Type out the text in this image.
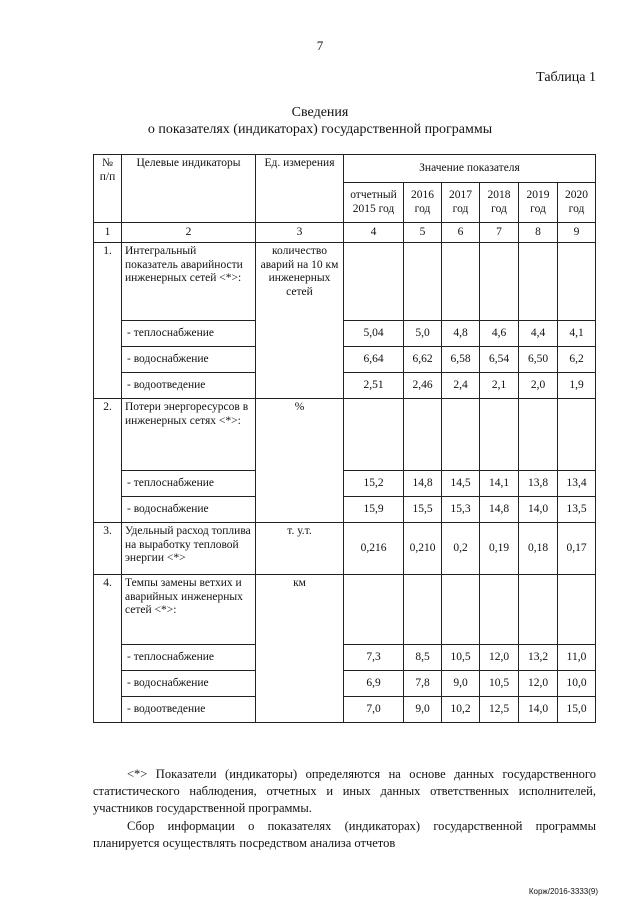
7
Таблица 1
Сведения
о показателях (индикаторах) государственной программы
№ п/п	Целевые индикаторы	Ед. измерения	Значение показателя					
			отчетный 2015 год	2016 год	2017 год	2018 год	2019 год	2020 год
1	2	3	4	5	6	7	8	9
1.	Интегральный показатель аварийности инженерных сетей <*>:	количество аварий на 10 км инженерных сетей						
	- теплоснабжение		5,04	5,0	4,8	4,6	4,4	4,1
	- водоснабжение		6,64	6,62	6,58	6,54	6,50	6,2
	- водоотведение		2,51	2,46	2,4	2,1	2,0	1,9
2.	Потери энергоресурсов в инженерных сетях <*>:	%						
	- теплоснабжение		15,2	14,8	14,5	14,1	13,8	13,4
	- водоснабжение		15,9	15,5	15,3	14,8	14,0	13,5
3.	Удельный расход топлива на выработку тепловой энергии <*>	т. у.т.	0,216	0,210	0,2	0,19	0,18	0,17
4.	Темпы замены ветхих и аварийных инженерных сетей <*>:	км						
	- теплоснабжение		7,3	8,5	10,5	12,0	13,2	11,0
	- водоснабжение		6,9	7,8	9,0	10,5	12,0	10,0
	- водоотведение		7,0	9,0	10,2	12,5	14,0	15,0
<*> Показатели (индикаторы) определяются на основе данных государственного статистического наблюдения, отчетных и иных данных ответственных исполнителей, участников государственной программы.
Сбор информации о показателях (индикаторах) государственной программы планируется осуществлять посредством анализа отчетов
Корж/2016-3333(9)
